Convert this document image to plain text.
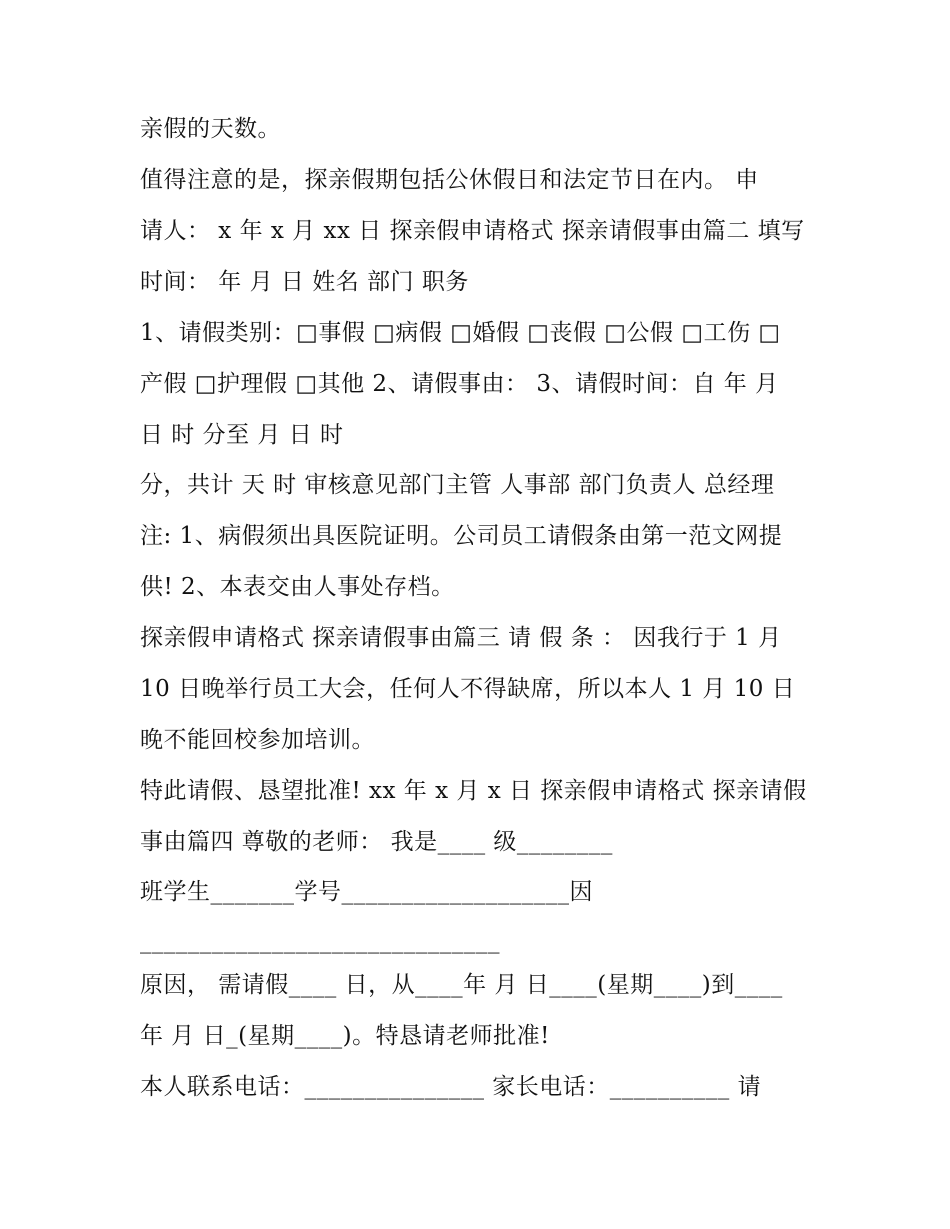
亲假的天数。
值得注意的是，探亲假期包括公休假日和法定节日在内。 申
请人： x 年 x 月 xx 日 探亲假申请格式 探亲请假事由篇二 填写
时间： 年 月 日 姓名 部门 职务
1、请假类别：□事假 □病假 □婚假 □丧假 □公假 □工伤 □
产假 □护理假 □其他 2、请假事由： 3、请假时间：自 年 月
日 时 分至 月 日 时
分，共计 天 时 审核意见部门主管 人事部 部门负责人 总经理
注: 1、病假须出具医院证明。公司员工请假条由第一范文网提
供! 2、本表交由人事处存档。
探亲假申请格式 探亲请假事由篇三 请 假 条 ： 因我行于 1 月
10 日晚举行员工大会，任何人不得缺席，所以本人 1 月 10 日
晚不能回校参加培训。
特此请假、恳望批准! xx 年 x 月 x 日 探亲假申请格式 探亲请假
事由篇四 尊敬的老师： 我是____ 级________
班学生_______学号___________________因
______________________________
原因， 需请假____ 日，从____年 月 日____(星期____)到____
年 月 日_(星期____)。特恳请老师批准!
本人联系电话：_______________ 家长电话：__________ 请
